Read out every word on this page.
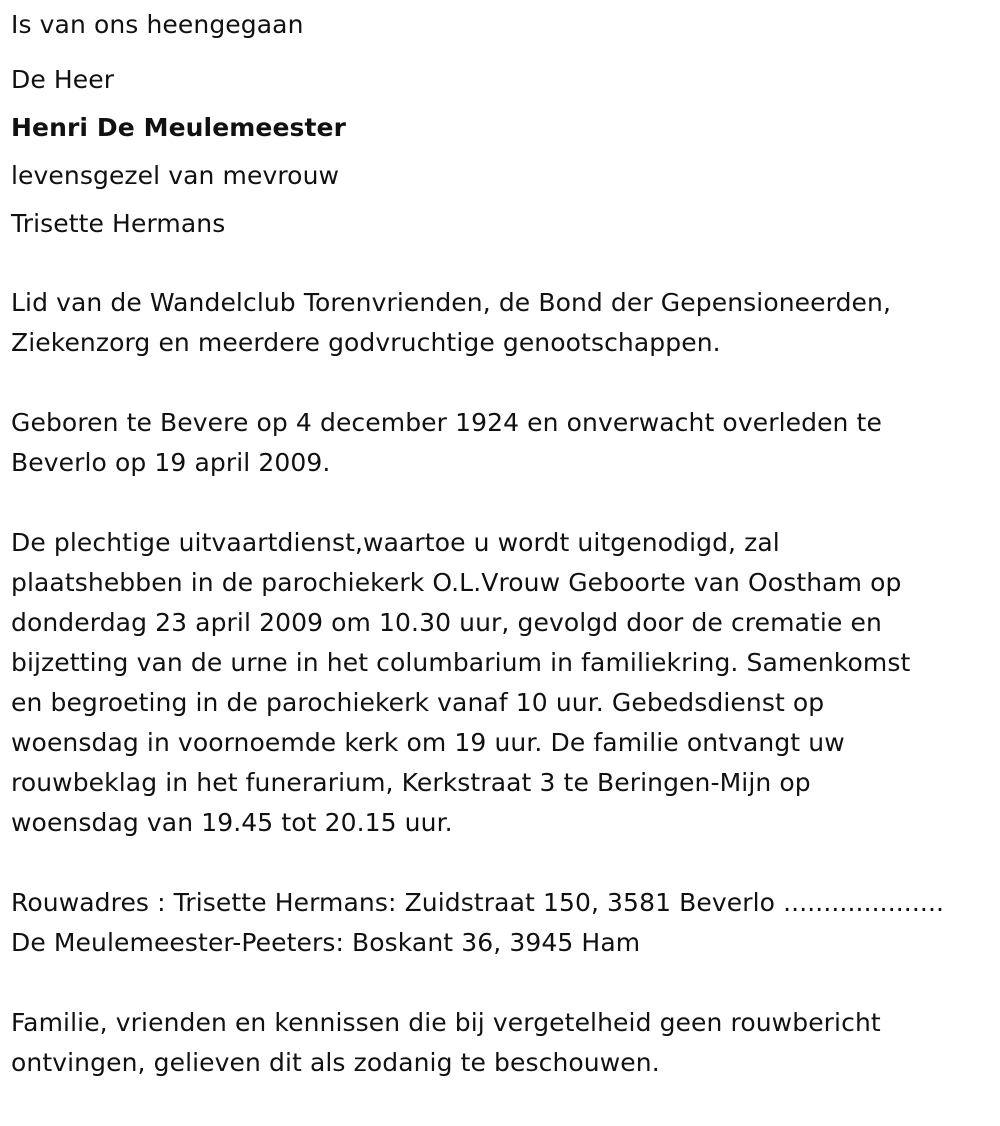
Is van ons heengegaan
De Heer
Henri De Meulemeester
levensgezel van mevrouw
Trisette Hermans
Lid van de Wandelclub Torenvrienden, de Bond der Gepensioneerden,
Ziekenzorg en meerdere godvruchtige genootschappen.
Geboren te Bevere op 4 december 1924 en onverwacht overleden te
Beverlo op 19 april 2009.
De plechtige uitvaartdienst,waartoe u wordt uitgenodigd, zal
plaatshebben in de parochiekerk O.L.Vrouw Geboorte van Oostham op
donderdag 23 april 2009 om 10.30 uur, gevolgd door de crematie en
bijzetting van de urne in het columbarium in familiekring. Samenkomst
en begroeting in de parochiekerk vanaf 10 uur. Gebedsdienst op
woensdag in voornoemde kerk om 19 uur. De familie ontvangt uw
rouwbeklag in het funerarium, Kerkstraat 3 te Beringen-Mijn op
woensdag van 19.45 tot 20.15 uur.
Rouwadres : Trisette Hermans: Zuidstraat 150, 3581 Beverlo ....................
De Meulemeester-Peeters: Boskant 36, 3945 Ham
Familie, vrienden en kennissen die bij vergetelheid geen rouwbericht
ontvingen, gelieven dit als zodanig te beschouwen.
